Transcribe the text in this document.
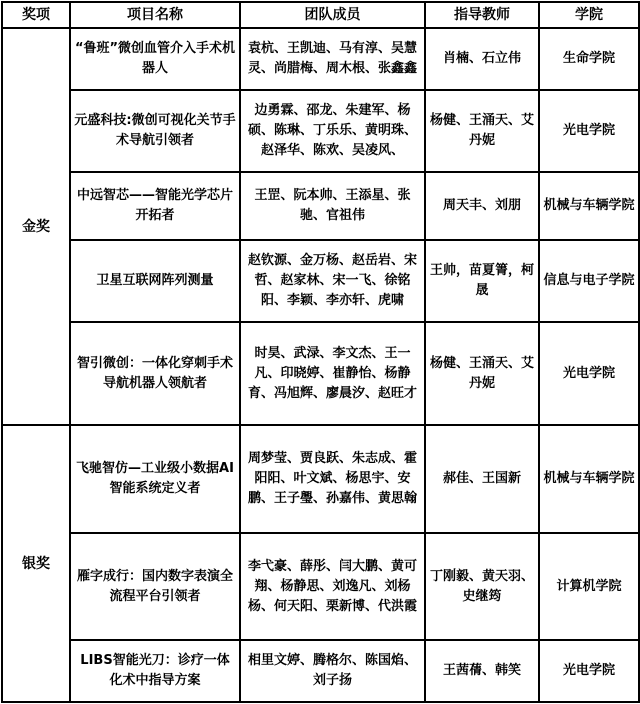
奖项	项目名称	团队成员	指导教师	学院
金奖	“鲁班”微创血管介入手术机器人	袁杭、王凯迪、马有淳、吴慧灵、尚腊梅、周木根、张鑫鑫	肖楠、石立伟	生命学院
	元盛科技:微创可视化关节手术导航引领者	边勇霖、邵龙、朱建军、杨硕、陈琳、丁乐乐、黄明珠、赵泽华、陈欢、吴凌风、	杨健、王涌天、艾丹妮	光电学院
	中远智芯——智能光学芯片开拓者	王罡、阮本帅、王添星、张驰、官祖伟	周天丰、刘朋	机械与车辆学院
	卫星互联网阵列测量	赵钦源、金万杨、赵岳岩、宋哲、赵家林、宋一飞、徐铭阳、李颖、李亦轩、虎啸	王帅，苗夏箐，柯晟	信息与电子学院
	智引微创：一体化穿刺手术导航机器人领航者	时昊、武渌、李文杰、王一凡、印晓婷、崔静怡、杨静育、冯旭辉、廖晨汐、赵旺才	杨健、王涌天、艾丹妮	光电学院
银奖	飞驰智仿—工业级小数据AI智能系统定义者	周梦莹、贾良跃、朱志成、霍阳阳、叶文斌、杨思宇、安鹏、王子璺、孙嘉伟、黄思翰	郝佳、王国新	机械与车辆学院
	雁字成行：国内数字表演全流程平台引领者	李弋豪、薛彤、闫大鹏、黄可翔、杨静思、刘逸凡、刘杨杨、何天阳、栗新博、代洪霞	丁刚毅、黄天羽、史继筠	计算机学院
	LIBS智能光刀：诊疗一体化术中指导方案	相里文婷、腾格尔、陈国焰、刘子扬	王茜蒨、韩笑	光电学院
